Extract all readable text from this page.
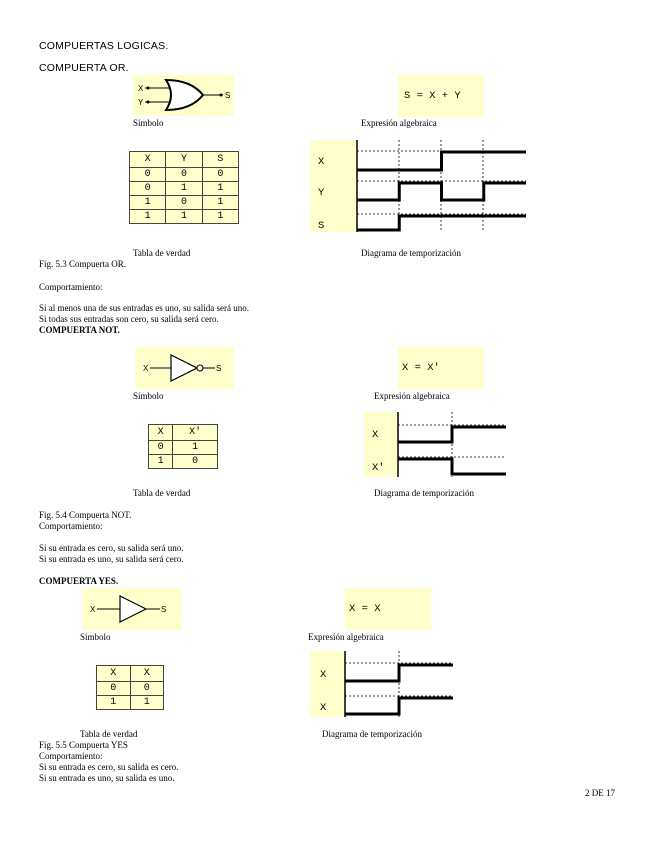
COMPUERTAS LOGICAS.
COMPUERTA OR.
X
Y
S
Símbolo
S = X + Y
Expresión algebraica
X	Y	S
0	0	0
0	1	1
1	0	1
1	1	1
X
Y
S
Tabla de verdad	Diagrama de temporización
Fig. 5.3 Compuerta OR.
Comportamiento:
Si al menos una de sus entradas es uno, su salida será uno.
Si todas sus entradas son cero, su salida será cero.
COMPUERTA NOT.
X	S
Símbolo
X = X'
Expresión algebraica
X	X'
0	1
1	0
X
X'
Tabla de verdad	Diagrama de temporización
Fig. 5.4 Compuerta NOT.
Comportamiento:
Si su entrada es cero, su salida será uno.
Si su entrada es uno, su salida será cero.
COMPUERTA YES.
X	S
Símbolo
X = X
Expresión algebraica
X	X
0	0
1	1
X
X
Tabla de verdad	Diagrama de temporización
Fig. 5.5 Compuerta YES
Comportamiento:
Si su entrada es cero, su salida es cero.
Si su entrada es uno, su salida es uno.
2 DE 17
